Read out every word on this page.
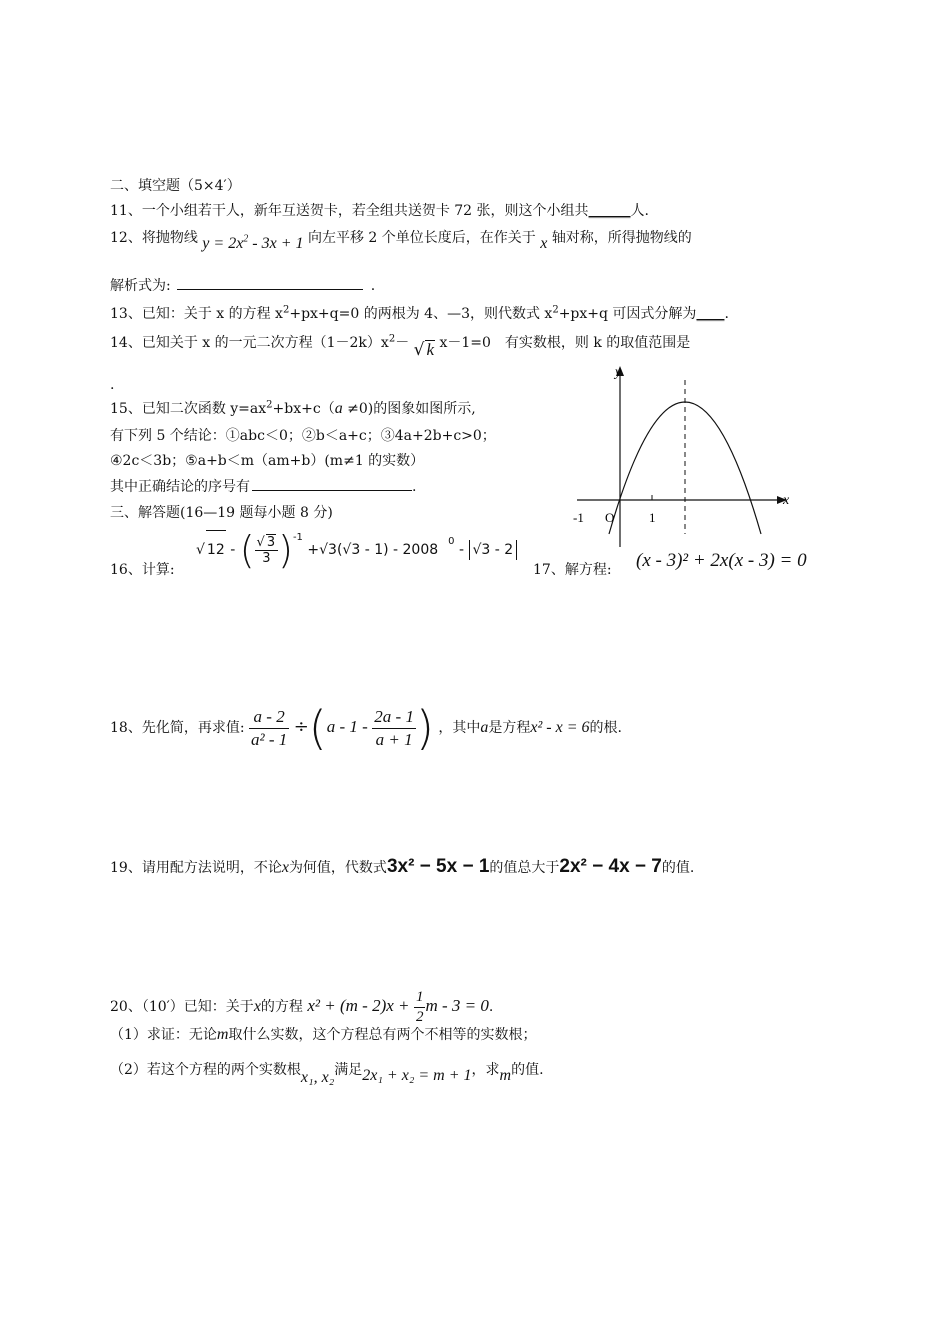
二、填空题（5×4′）
11、一个小组若干人，新年互送贺卡，若全组共送贺卡 72 张，则这个小组共______人.
12、将抛物线 $y = 2x^2 - 3x + 1$ 向左平移 2 个单位长度后，在作关于 x 轴对称，所得抛物线的
解析式为:	.
13、已知：关于 x 的方程 $x^2+px+q=0$ 的两根为 4、—3，则代数式 $x^2+px+q$ 可因式分解为____.
14、已知关于 x 的一元二次方程$(1-2k)x^2-$ √ k x－1=0　有实数根，则 k 的取值范围是
.
15、已知二次函数 $y=ax^2+bx+c(a \ne 0)$的图象如图所示,
有下列 5 个结论：①abc＜0；②b＜a+c；③4a+2b+c>0；
④2c＜3b；⑤a+b＜m（am+b）(m≠1 的实数）
其中正确结论的序号有	.
y
x
-1 O	1
三、解答题(16—19 题每小题 8 分)
16、计算:
√ 12 - ( $\frac{√ 3}{3} )^{-1} +√3(√3 - 1) - 2008^0 - √3 - 2$
17、解方程: (x - 3)² + 2x(x - 3) = 0
18、先化简，再求值: $\frac{a - 2}{\text{a² - 1}} \div(a - 1 - \frac{2a - 1}{a + 1}$ ) ，其中a是方程x² - x = 6的根.
19、请用配方法说明，不论x为何值，代数式3x² − 5x − 1的值总大于2x² − 4x − 7的值.
20、（10′）已知：关于x的方程 $x^2 + (m - 2)x + \frac{1}{2}$ m - 3 = 0.
（1）求证：无论m取什么实数，这个方程总有两个不相等的实数根；
（2）若这个方程的两个实数根x₁, x₂满足2x₁ + x₂ = m + 1，求m的值.
